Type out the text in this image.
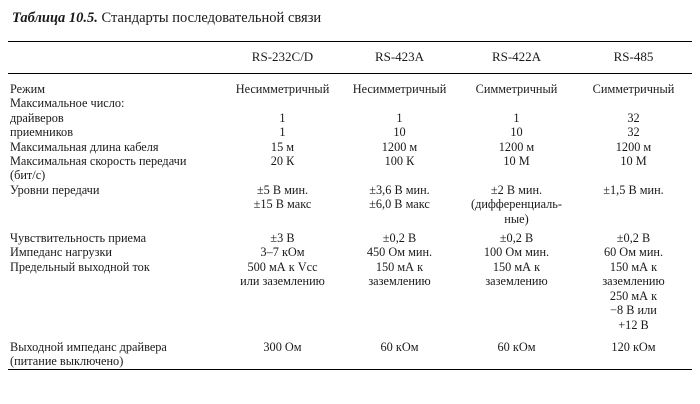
Таблица 10.5. Стандарты последовательной связи

	RS-232C/D	RS-423A	RS-422A	RS-485

Режим	Несимметричный	Несимметричный	Симметричный	Симметричный
Максимальное число:				
драйверов	1	1	1	32
приемников	1	10	10	32
Максимальная длина кабеля	15 м	1200 м	1200 м	1200 м
Максимальная скорость передачи	20 К	100 К	10 М	10 М
(бит/с)				
Уровни передачи	±5 В мин.	±3,6 В мин.	±2 В мин.	±1,5 В мин.
	±15 В макс	±6,0 В макс	(дифференциаль-	
			ные)	
Чувствительность приема	±3 В	±0,2 В	±0,2 В	±0,2 В
Импеданс нагрузки	3–7 кОм	450 Ом мин.	100 Ом мин.	60 Ом мин.
Предельный выходной ток	500 мА к Vcc	150 мА к	150 мА к	150 мА к
	или заземлению	заземлению	заземлению	заземлению
				250 мА к
				−8 В или
				+12 В
Выходной импеданс драйвера	300 Ом	60 кОм	60 кОм	120 кОм
(питание выключено)				
